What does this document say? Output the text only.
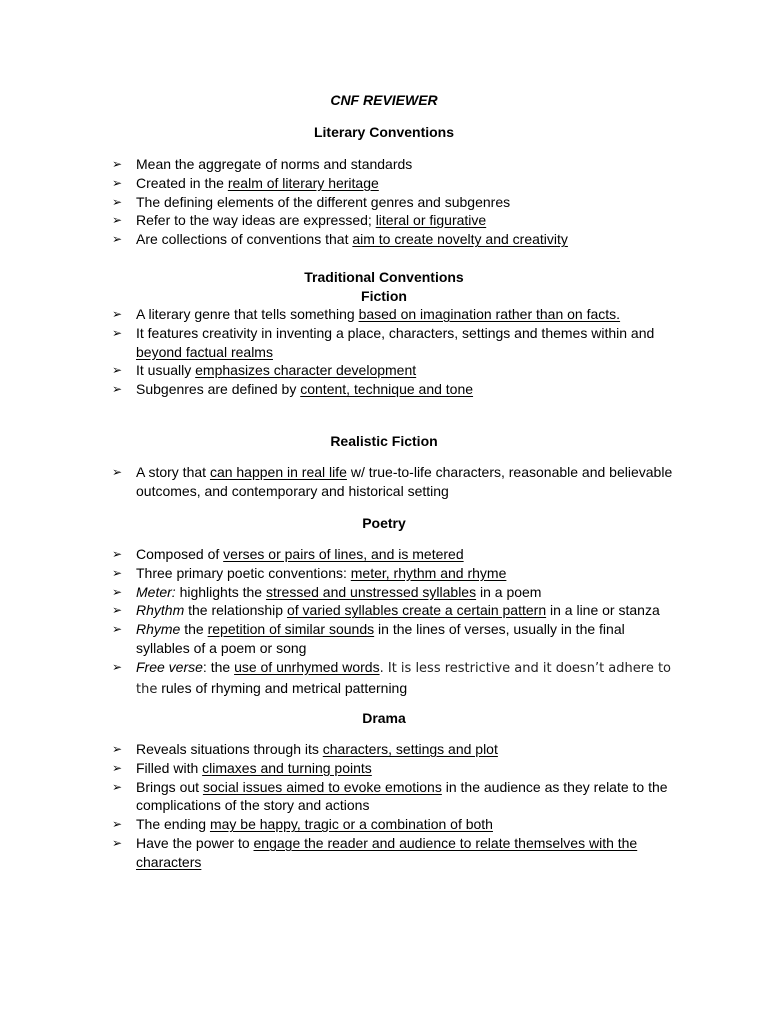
CNF REVIEWER
Literary Conventions
➢ Mean the aggregate of norms and standards
➢ Created in the realm of literary heritage
➢ The defining elements of the different genres and subgenres
➢ Refer to the way ideas are expressed; literal or figurative
➢ Are collections of conventions that aim to create novelty and creativity
Traditional Conventions
Fiction
➢ A literary genre that tells something based on imagination rather than on facts.
➢ It features creativity in inventing a place, characters, settings and themes within and beyond factual realms
➢ It usually emphasizes character development
➢ Subgenres are defined by content, technique and tone
Realistic Fiction
➢ A story that can happen in real life w/ true-to-life characters, reasonable and believable outcomes, and contemporary and historical setting
Poetry
➢ Composed of verses or pairs of lines, and is metered
➢ Three primary poetic conventions: meter, rhythm and rhyme
➢ Meter: highlights the stressed and unstressed syllables in a poem
➢ Rhythm the relationship of varied syllables create a certain pattern in a line or stanza
➢ Rhyme the repetition of similar sounds in the lines of verses, usually in the final syllables of a poem or song
➢ Free verse: the use of unrhymed words. It is less restrictive and it doesn’t adhere to the rules of rhyming and metrical patterning
Drama
➢ Reveals situations through its characters, settings and plot
➢ Filled with climaxes and turning points
➢ Brings out social issues aimed to evoke emotions in the audience as they relate to the complications of the story and actions
➢ The ending may be happy, tragic or a combination of both
➢ Have the power to engage the reader and audience to relate themselves with the characters
